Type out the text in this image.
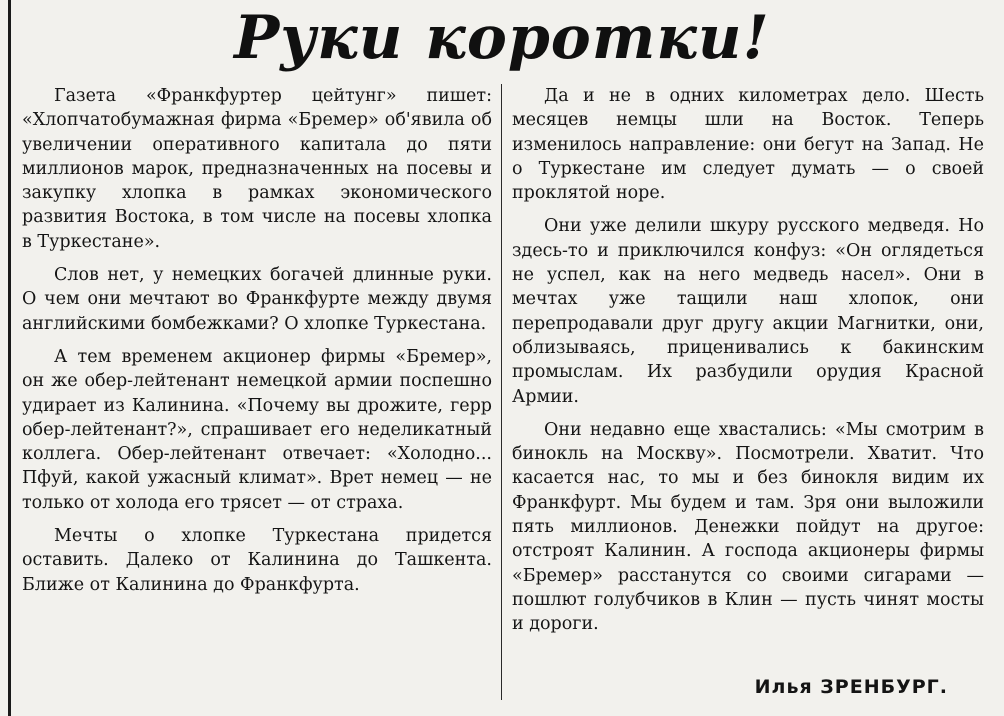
Руки коротки!

Газета «Франкфуртер цейтунг» пишет: «Хлопчатобумажная фирма «Бремер» об'явила об увеличении оперативного капитала до пяти миллионов марок, предназначенных на посевы и закупку хлопка в рамках экономического развития Востока, в том числе на посевы хлопка в Туркестане».

Слов нет, у немецких богачей длинные руки. О чем они мечтают во Франкфурте между двумя английскими бомбежками? О хлопке Туркестана.

А тем временем акционер фирмы «Бремер», он же обер-лейтенант немецкой армии поспешно удирает из Калинина. «Почему вы дрожите, герр обер-лейтенант?», спрашивает его неделикатный коллега. Обер-лейтенант отвечает: «Холодно... Пфуй, какой ужасный климат». Врет немец — не только от холода его трясет — от страха.

Мечты о хлопке Туркестана придется оставить. Далеко от Калинина до Ташкента. Ближе от Калинина до Франкфурта.

Да и не в одних километрах дело. Шесть месяцев немцы шли на Восток. Теперь изменилось направление: они бегут на Запад. Не о Туркестане им следует думать — о своей проклятой норе.

Они уже делили шкуру русского медведя. Но здесь-то и приключился конфуз: «Он оглядеться не успел, как на него медведь насел». Они в мечтах уже тащили наш хлопок, они перепродавали друг другу акции Магнитки, они, облизываясь, приценивались к бакинским промыслам. Их разбудили орудия Красной Армии.

Они недавно еще хвастались: «Мы смотрим в бинокль на Москву». Посмотрели. Хватит. Что касается нас, то мы и без бинокля видим их Франкфурт. Мы будем и там. Зря они выложили пять миллионов. Денежки пойдут на другое: отстроят Калинин. А господа акционеры фирмы «Бремер» расстанутся со своими сигарами — пошлют голубчиков в Клин — пусть чинят мосты и дороги.

Илья ЗРЕНБУРГ.
